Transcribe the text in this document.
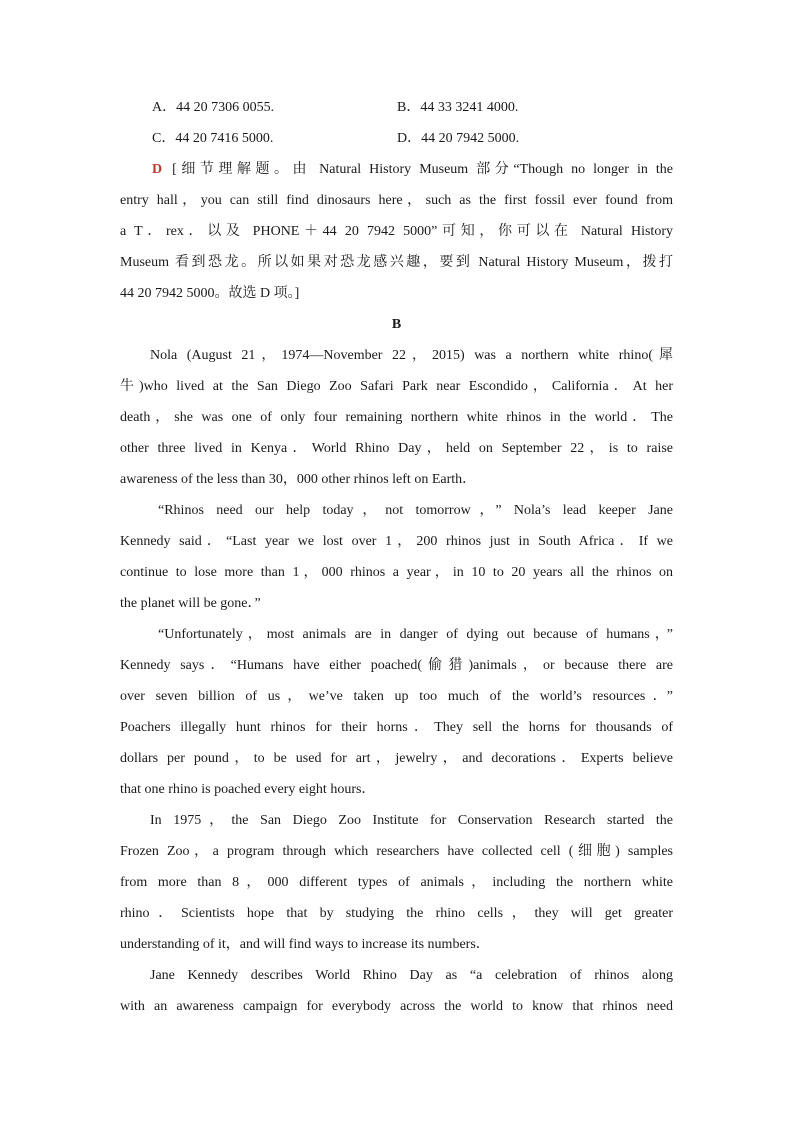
A．44 20 7306 0055.	B．44 33 3241 4000.
C．44 20 7416 5000.	D．44 20 7942 5000.
D [细节理解题。由 Natural History Museum 部分“Though no longer in the
entry hall，you can still find dinosaurs here，such as the first fossil ever found from
a T．rex．以及 PHONE＋44 20 7942 5000”可知，你可以在 Natural History
Museum 看到恐龙。所以如果对恐龙感兴趣，要到 Natural History Museum，拨打
44 20 7942 5000。故选 D 项。]
B
Nola (August 21，1974—November 22，2015) was a northern white rhino(犀
牛)who lived at the San Diego Zoo Safari Park near Escondido，California．At her
death，she was one of only four remaining northern white rhinos in the world．The
other three lived in Kenya．World Rhino Day，held on September 22，is to raise
awareness of the less than 30，000 other rhinos left on Earth．
“Rhinos need our help today，not tomorrow，” Nola’s lead keeper Jane
Kennedy said．“Last year we lost over 1，200 rhinos just in South Africa．If we
continue to lose more than 1，000 rhinos a year，in 10 to 20 years all the rhinos on
the planet will be gone．”
“Unfortunately，most animals are in danger of dying out because of humans，”
Kennedy says．“Humans have either poached(偷猎)animals，or because there are
over seven billion of us，we’ve taken up too much of the world’s resources．”
Poachers illegally hunt rhinos for their horns．They sell the horns for thousands of
dollars per pound，to be used for art，jewelry，and decorations．Experts believe
that one rhino is poached every eight hours．
In 1975，the San Diego Zoo Institute for Conservation Research started the
Frozen Zoo，a program through which researchers have collected cell (细胞) samples
from more than 8，000 different types of animals，including the northern white
rhino．Scientists hope that by studying the rhino cells，they will get greater
understanding of it，and will find ways to increase its numbers．
Jane Kennedy describes World Rhino Day as “a celebration of rhinos along
with an awareness campaign for everybody across the world to know that rhinos need
